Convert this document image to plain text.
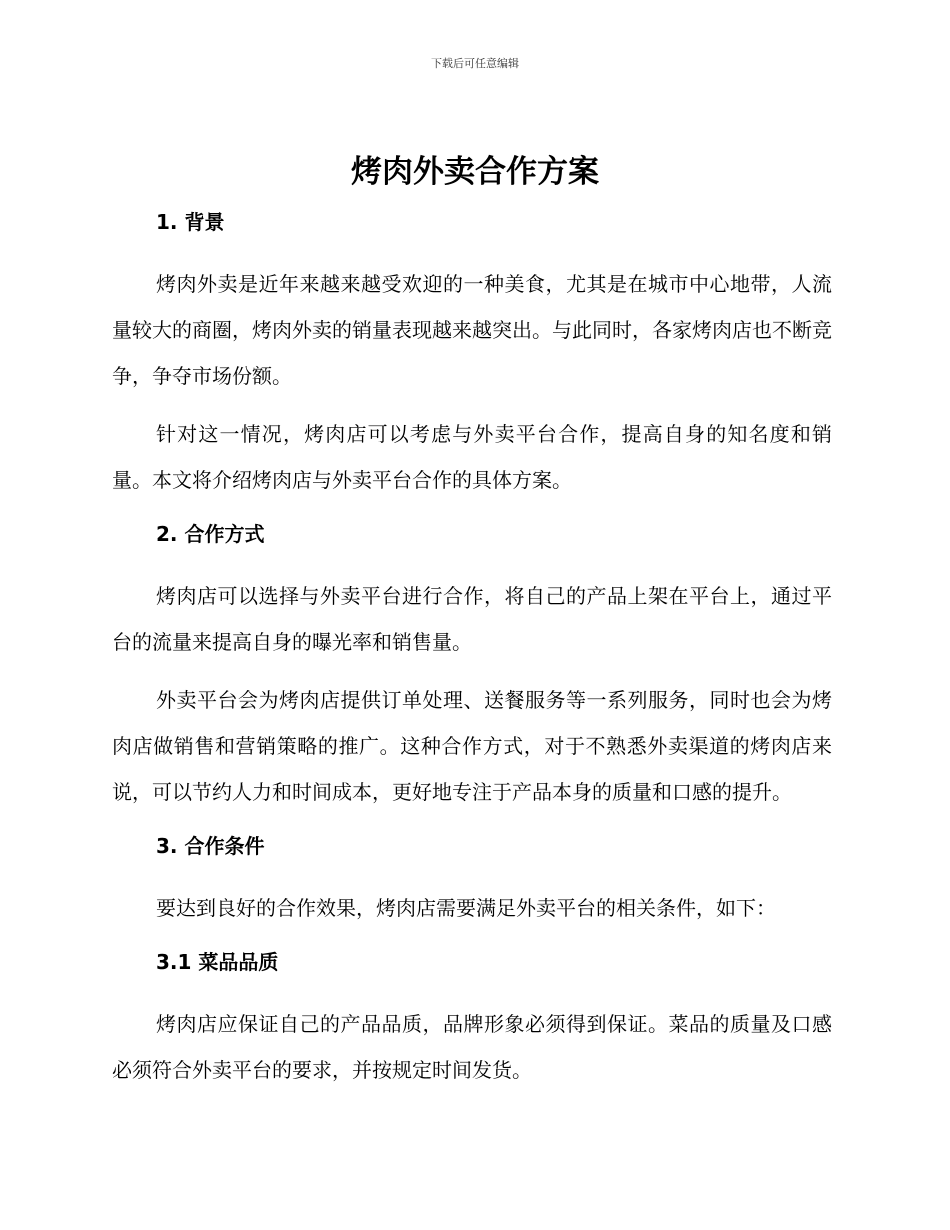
下载后可任意编辑
烤肉外卖合作方案
1. 背景

烤肉外卖是近年来越来越受欢迎的一种美食，尤其是在城市中心地带，人流量较大的商圈，烤肉外卖的销量表现越来越突出。与此同时，各家烤肉店也不断竞争，争夺市场份额。

针对这一情况，烤肉店可以考虑与外卖平台合作，提高自身的知名度和销量。本文将介绍烤肉店与外卖平台合作的具体方案。

2. 合作方式

烤肉店可以选择与外卖平台进行合作，将自己的产品上架在平台上，通过平台的流量来提高自身的曝光率和销售量。

外卖平台会为烤肉店提供订单处理、送餐服务等一系列服务，同时也会为烤肉店做销售和营销策略的推广。这种合作方式，对于不熟悉外卖渠道的烤肉店来说，可以节约人力和时间成本，更好地专注于产品本身的质量和口感的提升。

3. 合作条件

要达到良好的合作效果，烤肉店需要满足外卖平台的相关条件，如下：

3.1 菜品品质

烤肉店应保证自己的产品品质，品牌形象必须得到保证。菜品的质量及口感必须符合外卖平台的要求，并按规定时间发货。
